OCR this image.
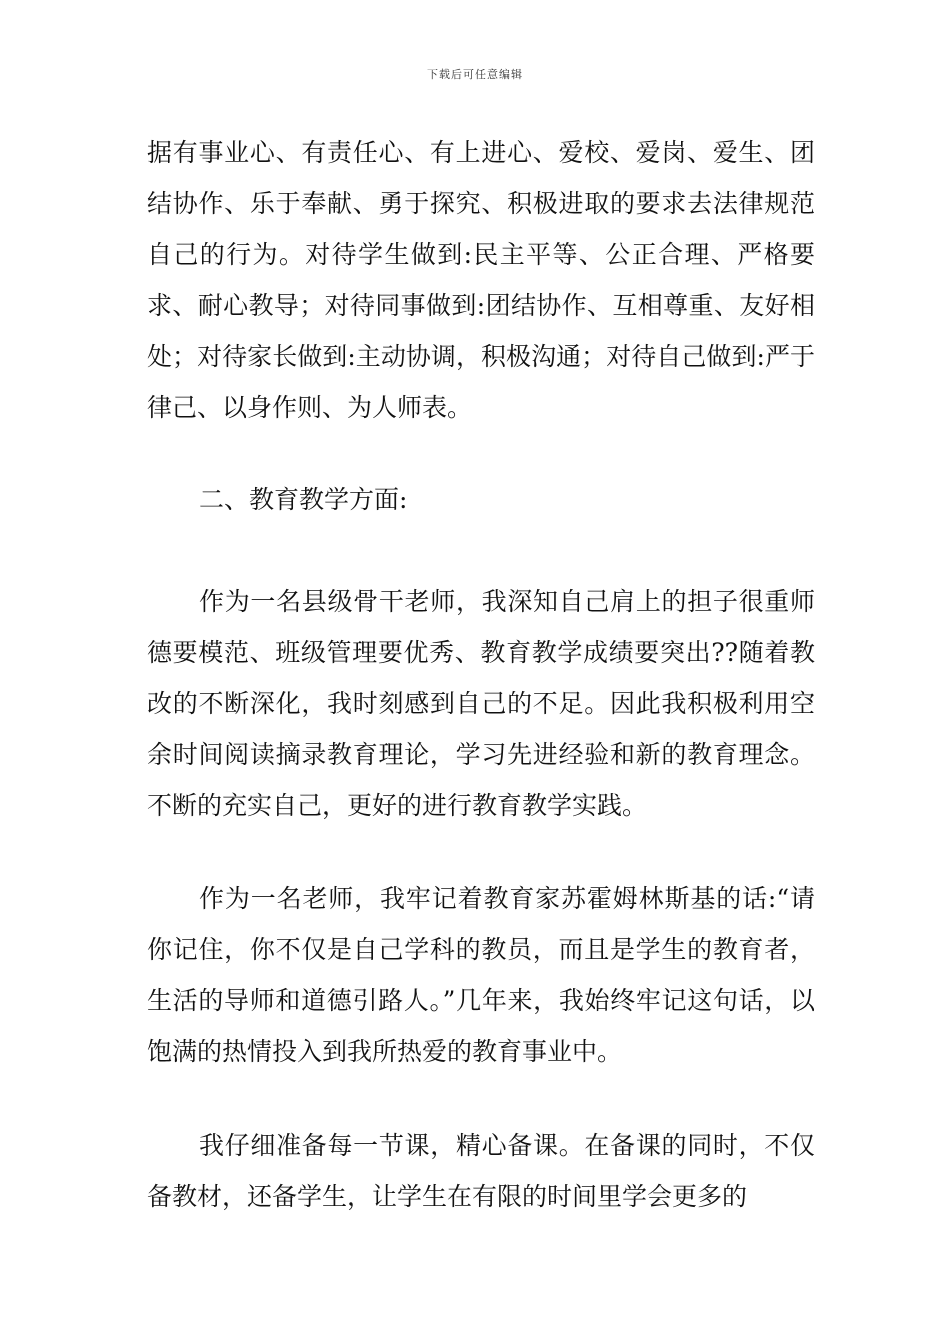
下载后可任意编辑

据有事业心、有责任心、有上进心、爱校、爱岗、爱生、团结协作、乐于奉献、勇于探究、积极进取的要求去法律规范自己的行为。对待学生做到:民主平等、公正合理、严格要求、耐心教导；对待同事做到:团结协作、互相尊重、友好相处；对待家长做到:主动协调，积极沟通；对待自己做到:严于律己、以身作则、为人师表。

二、教育教学方面:

作为一名县级骨干老师，我深知自己肩上的担子很重师德要模范、班级管理要优秀、教育教学成绩要突出??随着教改的不断深化，我时刻感到自己的不足。因此我积极利用空余时间阅读摘录教育理论，学习先进经验和新的教育理念。不断的充实自己，更好的进行教育教学实践。

作为一名老师，我牢记着教育家苏霍姆林斯基的话:“请你记住，你不仅是自己学科的教员，而且是学生的教育者，生活的导师和道德引路人。”几年来，我始终牢记这句话，以饱满的热情投入到我所热爱的教育事业中。

我仔细准备每一节课，精心备课。在备课的同时，不仅备教材，还备学生，让学生在有限的时间里学会更多的
